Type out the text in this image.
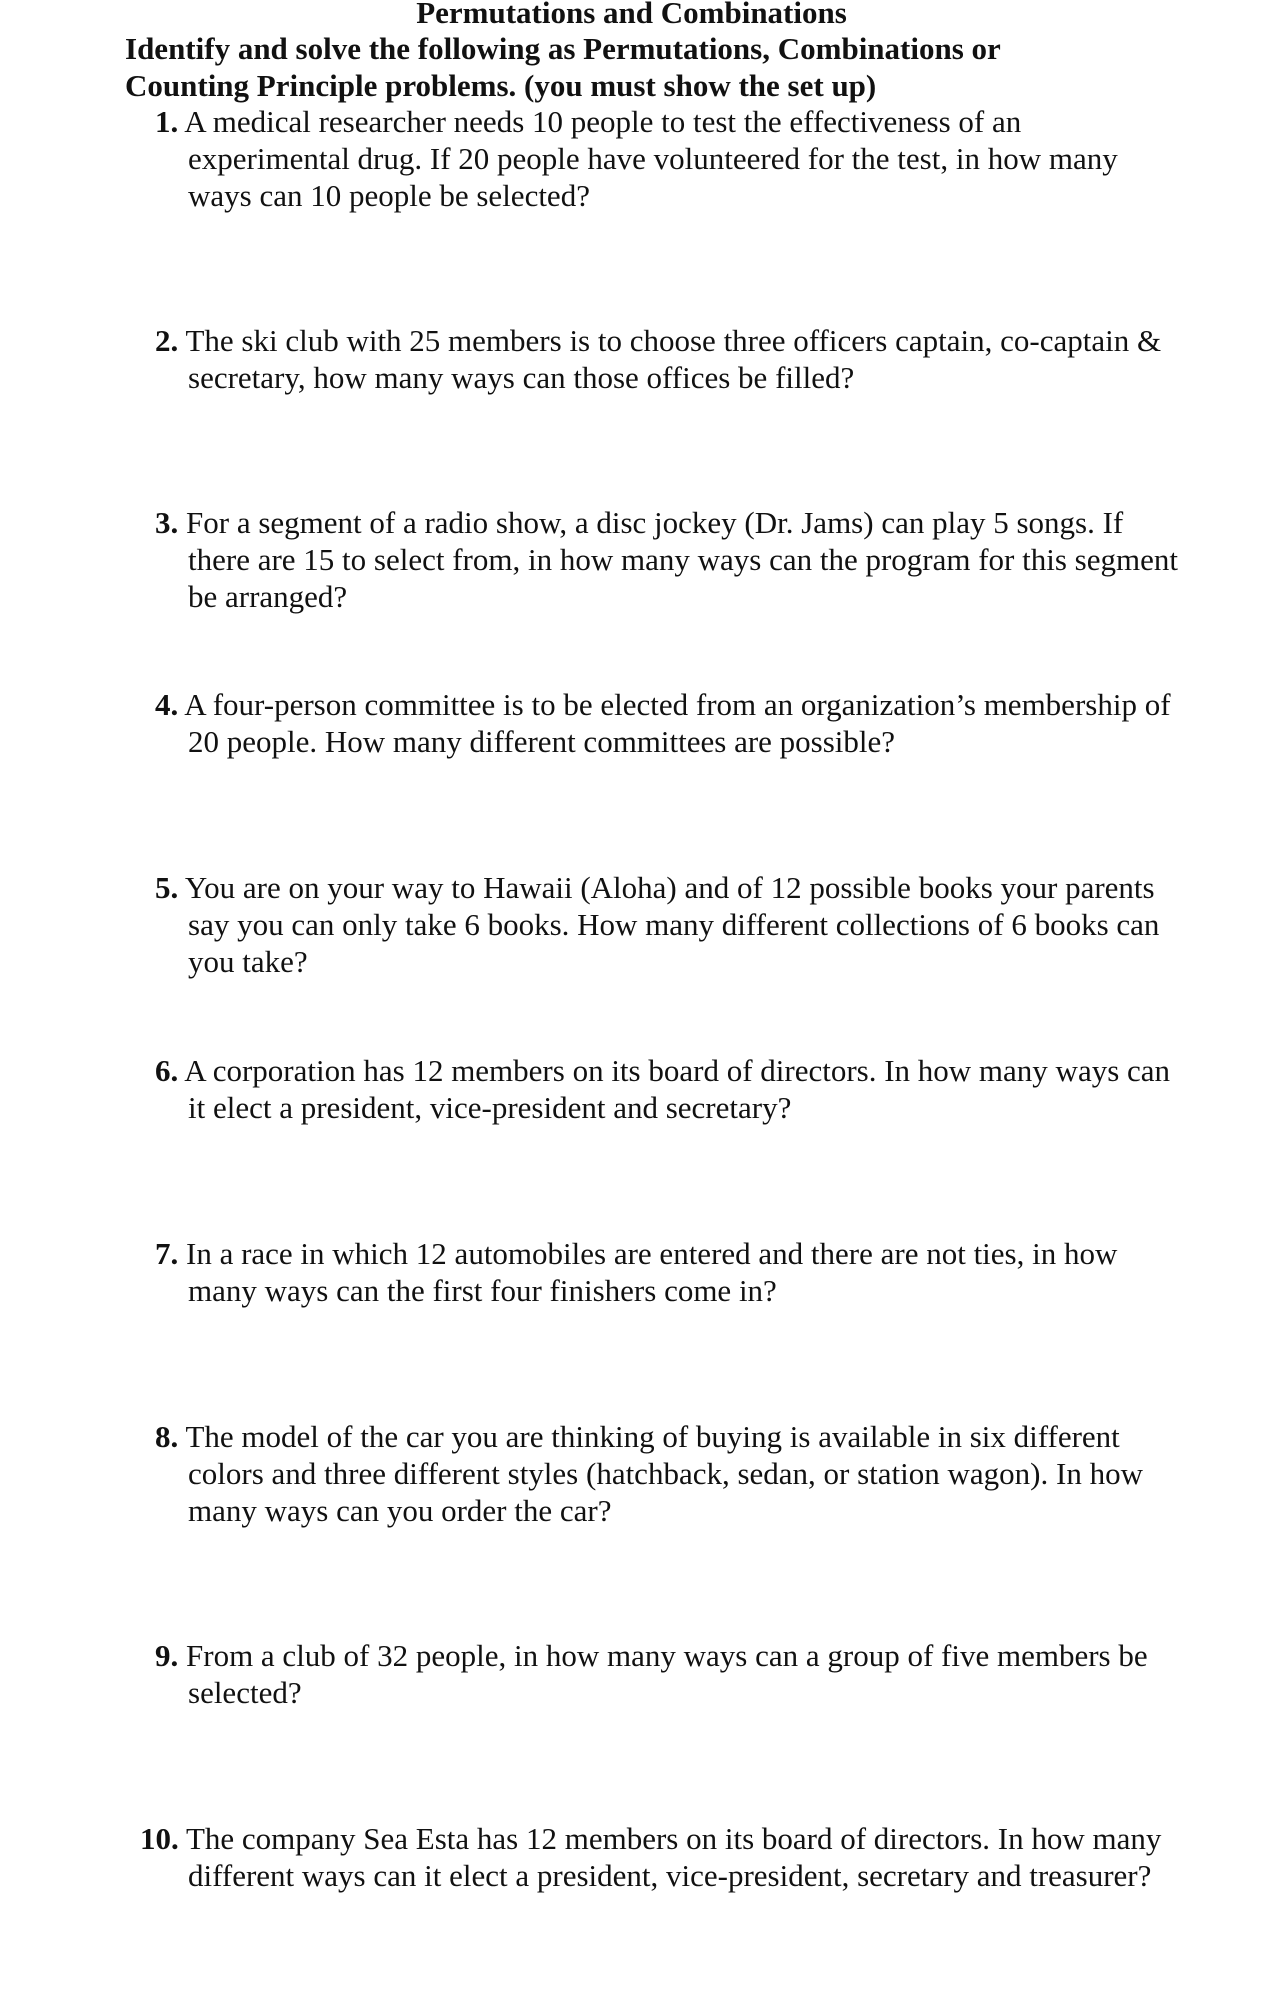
Permutations and Combinations

Identify and solve the following as Permutations, Combinations or Counting Principle problems. (you must show the set up)

1. A medical researcher needs 10 people to test the effectiveness of an experimental drug. If 20 people have volunteered for the test, in how many ways can 10 people be selected?

2. The ski club with 25 members is to choose three officers captain, co-captain & secretary, how many ways can those offices be filled?

3. For a segment of a radio show, a disc jockey (Dr. Jams) can play 5 songs. If there are 15 to select from, in how many ways can the program for this segment be arranged?

4. A four-person committee is to be elected from an organization’s membership of 20 people. How many different committees are possible?

5. You are on your way to Hawaii (Aloha) and of 12 possible books your parents say you can only take 6 books. How many different collections of 6 books can you take?

6. A corporation has 12 members on its board of directors. In how many ways can it elect a president, vice-president and secretary?

7. In a race in which 12 automobiles are entered and there are not ties, in how many ways can the first four finishers come in?

8. The model of the car you are thinking of buying is available in six different colors and three different styles (hatchback, sedan, or station wagon). In how many ways can you order the car?

9. From a club of 32 people, in how many ways can a group of five members be selected?

10. The company Sea Esta has 12 members on its board of directors. In how many different ways can it elect a president, vice-president, secretary and treasurer?
